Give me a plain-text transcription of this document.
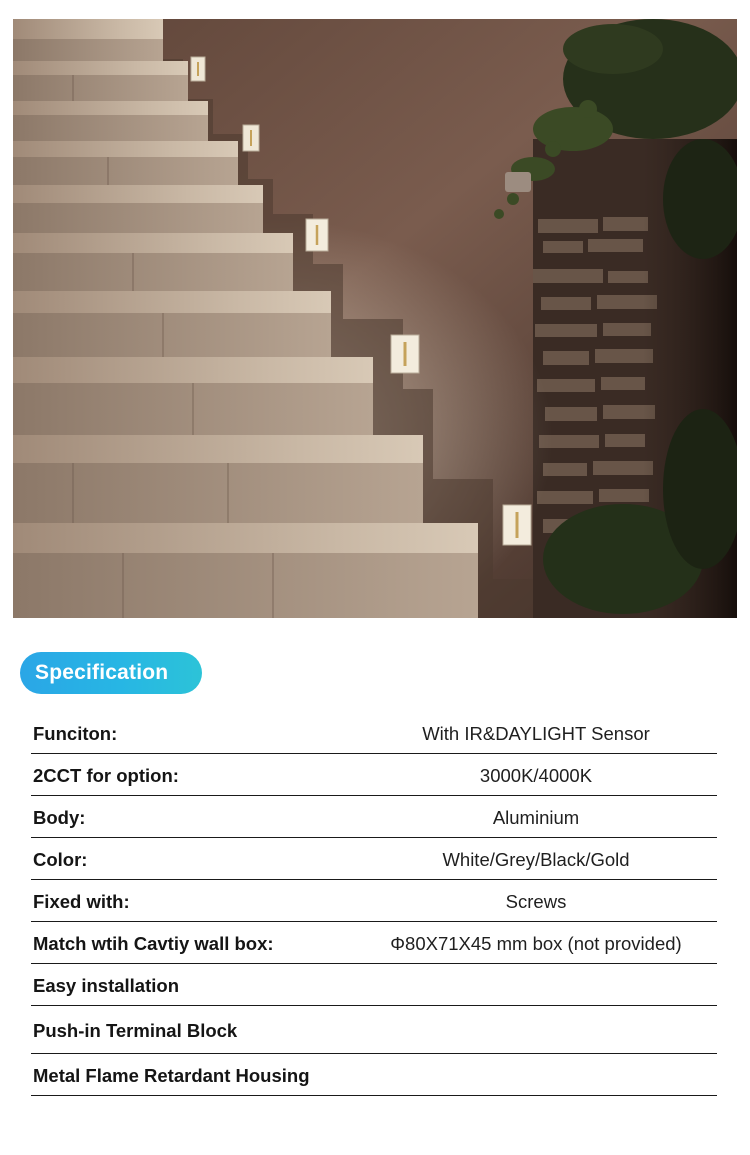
Specification
Funciton:	With IR&DAYLIGHT Sensor
2CCT for option:	3000K/4000K
Body:	Aluminium
Color:	White/Grey/Black/Gold
Fixed with:	Screws
Match wtih Cavtiy wall box:	Φ80X71X45 mm box (not provided)
Easy installation
Push-in Terminal Block
Metal Flame Retardant Housing
